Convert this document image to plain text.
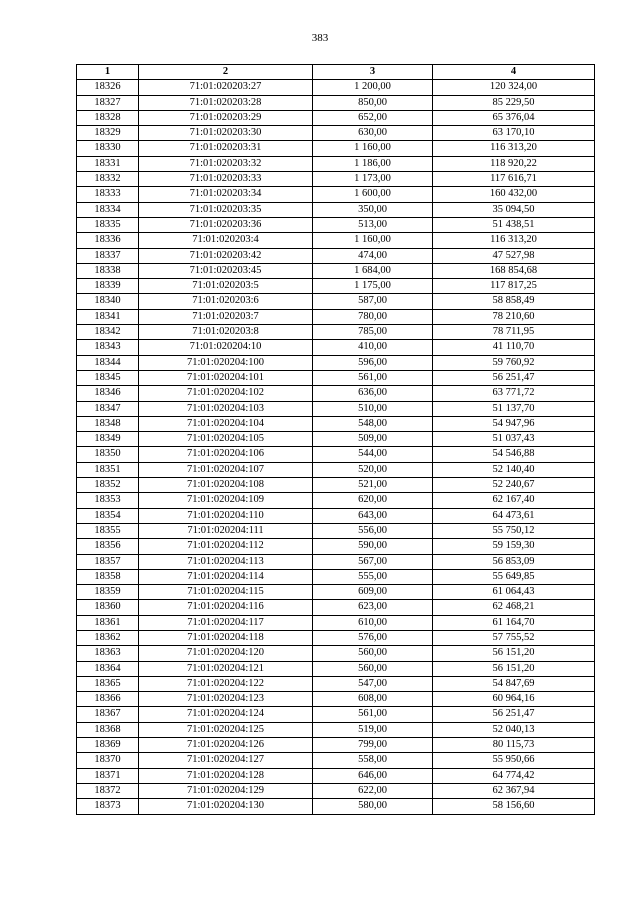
383
1	2	3	4
18326	71:01:020203:27	1 200,00	120 324,00
18327	71:01:020203:28	850,00	85 229,50
18328	71:01:020203:29	652,00	65 376,04
18329	71:01:020203:30	630,00	63 170,10
18330	71:01:020203:31	1 160,00	116 313,20
18331	71:01:020203:32	1 186,00	118 920,22
18332	71:01:020203:33	1 173,00	117 616,71
18333	71:01:020203:34	1 600,00	160 432,00
18334	71:01:020203:35	350,00	35 094,50
18335	71:01:020203:36	513,00	51 438,51
18336	71:01:020203:4	1 160,00	116 313,20
18337	71:01:020203:42	474,00	47 527,98
18338	71:01:020203:45	1 684,00	168 854,68
18339	71:01:020203:5	1 175,00	117 817,25
18340	71:01:020203:6	587,00	58 858,49
18341	71:01:020203:7	780,00	78 210,60
18342	71:01:020203:8	785,00	78 711,95
18343	71:01:020204:10	410,00	41 110,70
18344	71:01:020204:100	596,00	59 760,92
18345	71:01:020204:101	561,00	56 251,47
18346	71:01:020204:102	636,00	63 771,72
18347	71:01:020204:103	510,00	51 137,70
18348	71:01:020204:104	548,00	54 947,96
18349	71:01:020204:105	509,00	51 037,43
18350	71:01:020204:106	544,00	54 546,88
18351	71:01:020204:107	520,00	52 140,40
18352	71:01:020204:108	521,00	52 240,67
18353	71:01:020204:109	620,00	62 167,40
18354	71:01:020204:110	643,00	64 473,61
18355	71:01:020204:111	556,00	55 750,12
18356	71:01:020204:112	590,00	59 159,30
18357	71:01:020204:113	567,00	56 853,09
18358	71:01:020204:114	555,00	55 649,85
18359	71:01:020204:115	609,00	61 064,43
18360	71:01:020204:116	623,00	62 468,21
18361	71:01:020204:117	610,00	61 164,70
18362	71:01:020204:118	576,00	57 755,52
18363	71:01:020204:120	560,00	56 151,20
18364	71:01:020204:121	560,00	56 151,20
18365	71:01:020204:122	547,00	54 847,69
18366	71:01:020204:123	608,00	60 964,16
18367	71:01:020204:124	561,00	56 251,47
18368	71:01:020204:125	519,00	52 040,13
18369	71:01:020204:126	799,00	80 115,73
18370	71:01:020204:127	558,00	55 950,66
18371	71:01:020204:128	646,00	64 774,42
18372	71:01:020204:129	622,00	62 367,94
18373	71:01:020204:130	580,00	58 156,60
